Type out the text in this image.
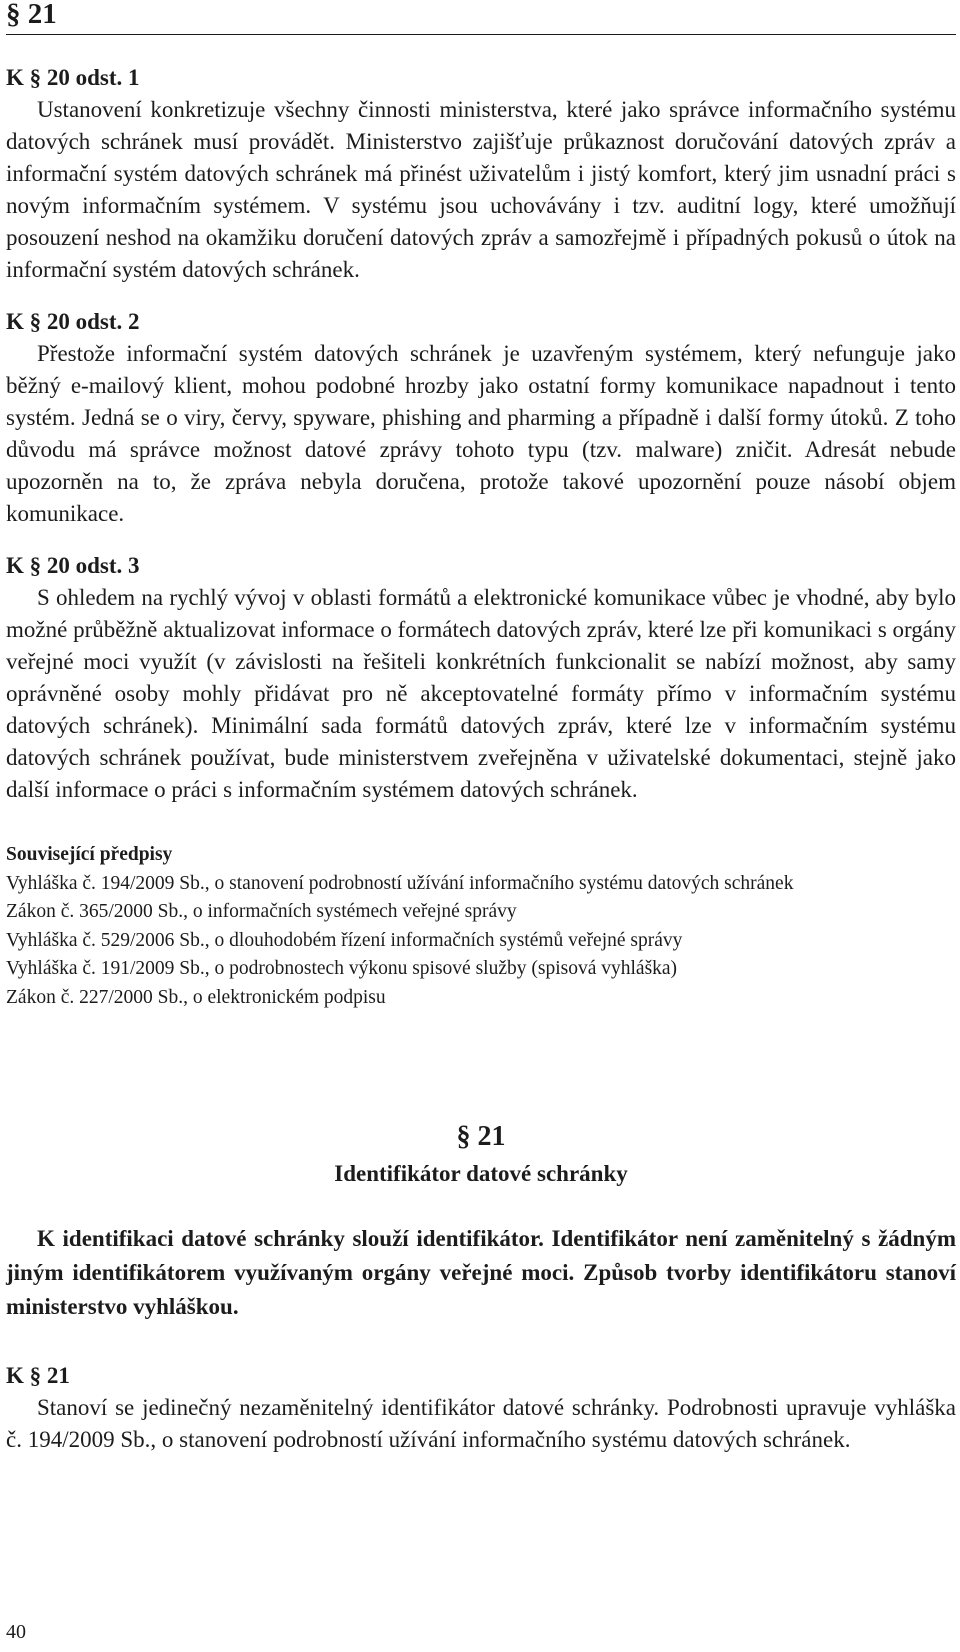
§ 21

K § 20 odst. 1

Ustanovení konkretizuje všechny činnosti ministerstva, které jako správce informačního systému datových schránek musí provádět. Ministerstvo zajišťuje průkaznost doručování datových zpráv a informační systém datových schránek má přinést uživatelům i jistý komfort, který jim usnadní práci s novým informačním systémem. V systému jsou uchovávány i tzv. auditní logy, které umožňují posouzení neshod na okamžiku doručení datových zpráv a samozřejmě i případných pokusů o útok na informační systém datových schránek.

K § 20 odst. 2

Přestože informační systém datových schránek je uzavřeným systémem, který nefunguje jako běžný e-mailový klient, mohou podobné hrozby jako ostatní formy komunikace napadnout i tento systém. Jedná se o viry, červy, spyware, phishing and pharming a případně i další formy útoků. Z toho důvodu má správce možnost datové zprávy tohoto typu (tzv. malware) zničit. Adresát nebude upozorněn na to, že zpráva nebyla doručena, protože takové upozornění pouze násobí objem komunikace.

K § 20 odst. 3

S ohledem na rychlý vývoj v oblasti formátů a elektronické komunikace vůbec je vhodné, aby bylo možné průběžně aktualizovat informace o formátech datových zpráv, které lze při komunikaci s orgány veřejné moci využít (v závislosti na řešiteli konkrétních funkcionalit se nabízí možnost, aby samy oprávněné osoby mohly přidávat pro ně akceptovatelné formáty přímo v informačním systému datových schránek). Minimální sada formátů datových zpráv, které lze v informačním systému datových schránek používat, bude ministerstvem zveřejněna v uživatelské dokumentaci, stejně jako další informace o práci s informačním systémem datových schránek.

Související předpisy
Vyhláška č. 194/2009 Sb., o stanovení podrobností užívání informačního systému datových schránek
Zákon č. 365/2000 Sb., o informačních systémech veřejné správy
Vyhláška č. 529/2006 Sb., o dlouhodobém řízení informačních systémů veřejné správy
Vyhláška č. 191/2009 Sb., o podrobnostech výkonu spisové služby (spisová vyhláška)
Zákon č. 227/2000 Sb., o elektronickém podpisu
§ 21
Identifikátor datové schránky

K identifikaci datové schránky slouží identifikátor. Identifikátor není zaměnitelný s žádným jiným identifikátorem využívaným orgány veřejné moci. Způsob tvorby identifikátoru stanoví ministerstvo vyhláškou.

K § 21

Stanoví se jedinečný nezaměnitelný identifikátor datové schránky. Podrobnosti upravuje vyhláška č. 194/2009 Sb., o stanovení podrobností užívání informačního systému datových schránek.

40
